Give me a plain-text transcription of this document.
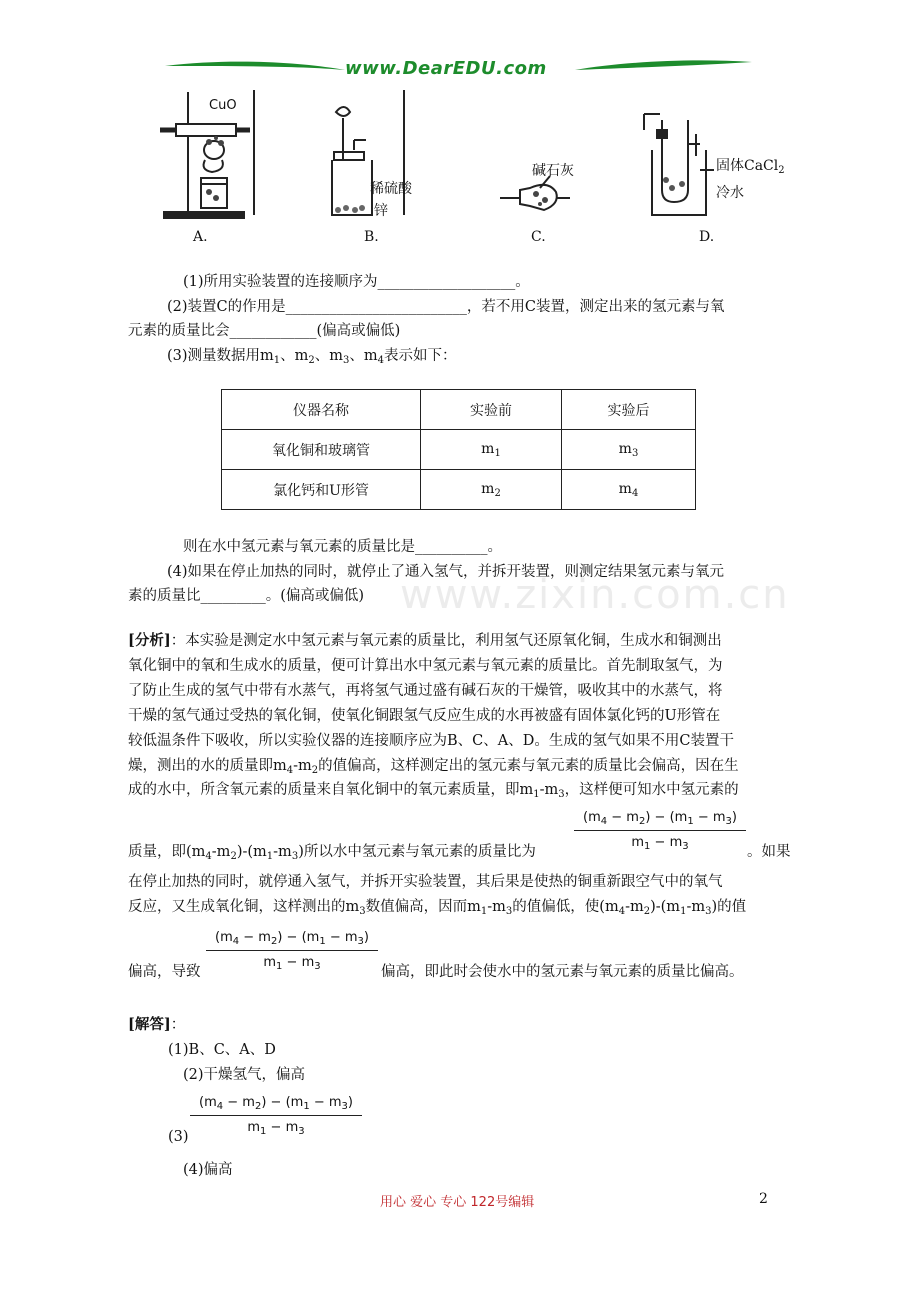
www.DearEDU.com
CuO
稀硫酸
锌
碱石灰	固体CaCl$_2$
冷水
A.	B.	C.	D.
(1)所用实验装置的连接顺序为___________________。
(2)装置C的作用是_________________________，若不用C装置，测定出来的氢元素与氧
元素的质量比会____________(偏高或偏低)
(3)测量数据用$m_1$、$m_2$、$m_3$、$m_4$表示如下：
仪器名称	实验前	实验后
氧化铜和玻璃管	$m_1$	$m_3$
氯化钙和U形管	$m_2$	$m_4$
则在水中氢元素与氧元素的质量比是__________。
(4)如果在停止加热的同时，就停止了通入氢气，并拆开装置，则测定结果氢元素与氧元
素的质量比_________。(偏高或偏低) www.zixin.com.cn
[分析]：本实验是测定水中氢元素与氧元素的质量比，利用氢气还原氧化铜，生成水和铜测出
氧化铜中的氧和生成水的质量，便可计算出水中氢元素与氧元素的质量比。首先制取氢气，为
了防止生成的氢气中带有水蒸气，再将氢气通过盛有碱石灰的干燥管，吸收其中的水蒸气，将
干燥的氢气通过受热的氧化铜，使氧化铜跟氢气反应生成的水再被盛有固体氯化钙的U形管在
较低温条件下吸收，所以实验仪器的连接顺序应为B、C、A、D。生成的氢气如果不用C装置干
燥，测出的水的质量即$m_4-m_2$的值偏高，这样测定出的氢元素与氧元素的质量比会偏高，因在生
成的水中，所含氧元素的质量来自氧化铜中的氧元素质量，即$m_1-m_3$，这样便可知水中氢元素的
质量，即$(m_4-m_2)-(m_1-m_3)$所以水中氢元素与氧元素的质量比为	$\frac{(m_4 - m_2) - (m_1 - m_3)}{m_1 - m_3}$ 。如果
在停止加热的同时，就停通入氢气，并拆开实验装置，其后果是使热的铜重新跟空气中的氧气
反应，又生成氧化铜，这样测出的$m_3$数值偏高，因而$m_1-m_3$的值偏低，使$(m_4-m_2)-(m_1-m_3)$的值
偏高，导致 $\frac{(m_4 - m_2) - (m_1 - m_3)}{m_1 - m_3}$ 偏高，即此时会使水中的氢元素与氧元素的质量比偏高。
[解答]：
(1)B、C、A、D
(2)干燥氢气，偏高
$\frac{(m_4 - m_2) - (m_1 - m_3)}{m_1 - m_3}$
(3)
(4)偏高
用心 爱心 专心 122号编辑	2
